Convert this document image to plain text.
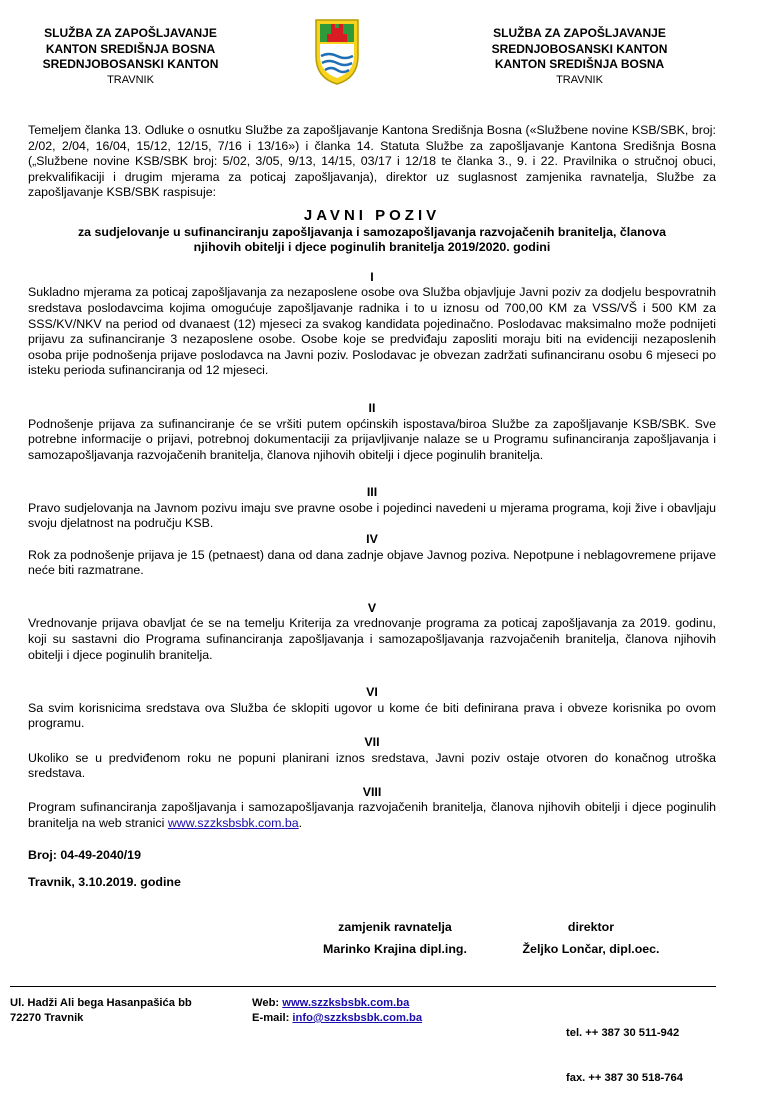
SLUŽBA ZA ZAPOŠLJAVANJE
KANTON SREDIŠNJA BOSNA
SREDNJOBOSANSKI KANTON
TRAVNIK
SLUŽBA ZA ZAPOŠLJAVANJE
SREDNJOBOSANSKI KANTON
KANTON SREDIŠNJA BOSNA
TRAVNIK

Temeljem članka 13. Odluke o osnutku Službe za zapošljavanje Kantona Središnja Bosna («Službene novine KSB/SBK, broj: 2/02, 2/04, 16/04, 15/12, 12/15, 7/16 i 13/16») i članka 14. Statuta Službe za zapošljavanje Kantona Središnja Bosna („Službene novine KSB/SBK broj: 5/02, 3/05, 9/13, 14/15, 03/17 i 12/18 te članka 3., 9. i 22. Pravilnika o stručnoj obuci, prekvalifikaciji i drugim mjerama za poticaj zapošljavanja), direktor uz suglasnost zamjenika ravnatelja, Službe za zapošljavanje KSB/SBK raspisuje:

JAVNI POZIV
za sudjelovanje u sufinanciranju zapošljavanja i samozapošljavanja razvojačenih branitelja, članova njihovih obitelji i djece poginulih branitelja 2019/2020. godini

I

Sukladno mjerama za poticaj zapošljavanja za nezaposlene osobe ova Služba objavljuje Javni poziv za dodjelu bespovratnih sredstava poslodavcima kojima omogućuje zapošljavanje radnika i to u iznosu od 700,00 KM za VSS/VŠ i 500 KM za SSS/KV/NKV na period od dvanaest (12) mjeseci za svakog kandidata pojedinačno. Poslodavac maksimalno može podnijeti prijavu za sufinanciranje 3 nezaposlene osobe. Osobe koje se predviđaju zaposliti moraju biti na evidenciji nezaposlenih osoba prije podnošenja prijave poslodavca na Javni poziv. Poslodavac je obvezan zadržati sufinanciranu osobu 6 mjeseci po isteku perioda sufinanciranja od 12 mjeseci.

II

Podnošenje prijava za sufinanciranje će se vršiti putem općinskih ispostava/biroa Službe za zapošljavanje KSB/SBK. Sve potrebne informacije o prijavi, potrebnoj dokumentaciji za prijavljivanje nalaze se u Programu sufinanciranja zapošljavanja i samozapošljavanja razvojačenih branitelja, članova njihovih obitelji i djece poginulih branitelja.

III

Pravo sudjelovanja na Javnom pozivu imaju sve pravne osobe i pojedinci navedeni u mjerama programa, koji žive i obavljaju svoju djelatnost na području KSB.

IV

Rok za podnošenje prijava je 15 (petnaest) dana od dana zadnje objave Javnog poziva. Nepotpune i neblagovremene prijave neće biti razmatrane.

V

Vrednovanje prijava obavljat će se na temelju Kriterija za vrednovanje programa za poticaj zapošljavanja za 2019. godinu, koji su sastavni dio Programa sufinanciranja zapošljavanja i samozapošljavanja razvojačenih branitelja, članova njihovih obitelji i djece poginulih branitelja.

VI

Sa svim korisnicima sredstava ova Služba će sklopiti ugovor u kome će biti definirana prava i obveze korisnika po ovom programu.

VII

Ukoliko se u predviđenom roku ne popuni planirani iznos sredstava, Javni poziv ostaje otvoren do konačnog utroška sredstava.

VIII

Program sufinanciranja zapošljavanja i samozapošljavanja razvojačenih branitelja, članova njihovih obitelji i djece poginulih branitelja na web stranici www.szzksbsbk.com.ba.

Broj: 04-49-2040/19

Travnik, 3.10.2019. godine

zamjenik ravnatelja
Marinko Krajina dipl.ing.
direktor
Željko Lončar, dipl.oec.
Ul. Hadži Ali bega Hasanpašića bb
72270 Travnik
Web: www.szzksbsbk.com.ba
E-mail: info@szzksbsbk.com.ba

tel. ++ 387 30 511-942

fax. ++ 387 30 518-764
